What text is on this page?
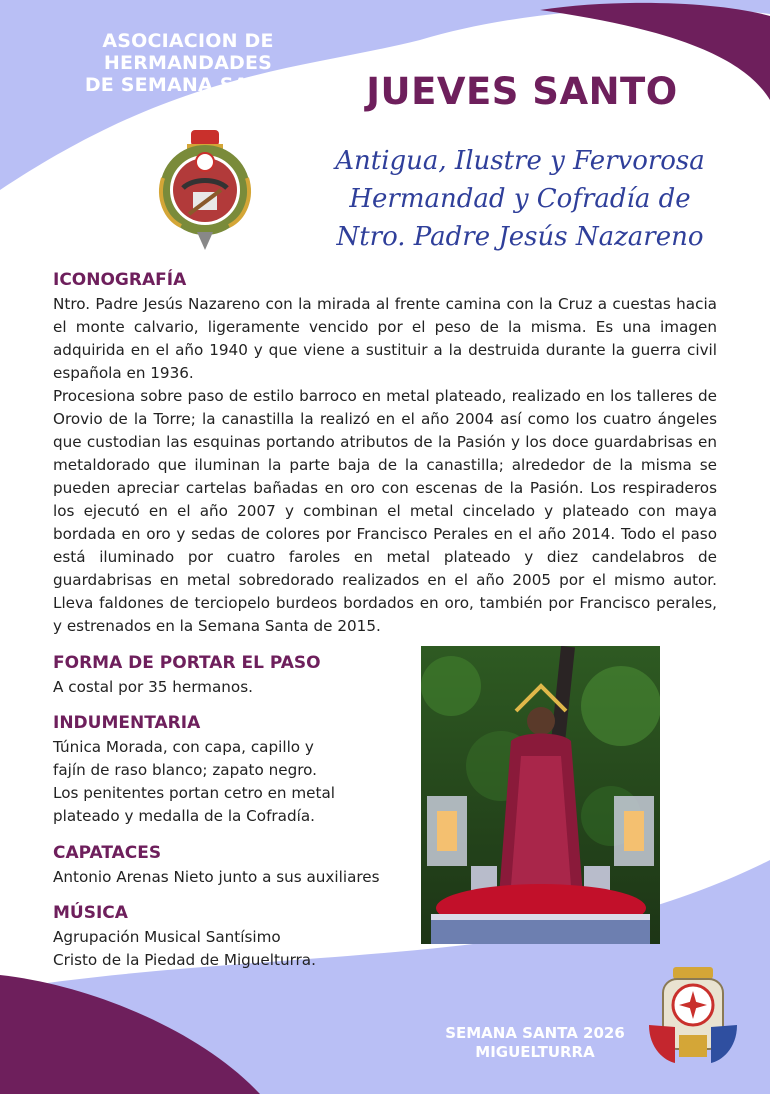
ASOCIACION DE HERMANDADES
DE SEMANA SANTA	JUEVES SANTO
Antigua, Ilustre y Fervorosa
Hermandad y Cofradía de
Ntro. Padre Jesús Nazareno
ICONOGRAFÍA
Ntro. Padre Jesús Nazareno con la mirada al frente camina con la Cruz a cuestas hacia el monte calvario, ligeramente vencido por el peso de la misma. Es una imagen adquirida en el año 1940 y que viene a sustituir a la destruida durante la guerra civil española en 1936.
Procesiona sobre paso de estilo barroco en metal plateado, realizado en los talleres de Orovio de la Torre; la canastilla la realizó en el año 2004 así como los cuatro ángeles que custodian las esquinas portando atributos de la Pasión y los doce guardabrisas en metaldorado que iluminan la parte baja de la canastilla; alrededor de la misma se pueden apreciar cartelas bañadas en oro con escenas de la Pasión. Los respiraderos los ejecutó en el año 2007 y combinan el metal cincelado y plateado con maya bordada en oro y sedas de colores por Francisco Perales en el año 2014. Todo el paso está iluminado por cuatro faroles en metal plateado y diez candelabros de guardabrisas en metal sobredorado realizados en el año 2005 por el mismo autor. Lleva faldones de terciopelo burdeos bordados en oro, también por Francisco perales, y estrenados en la Semana Santa de 2015.
FORMA DE PORTAR EL PASO
A costal por 35 hermanos.
INDUMENTARIA
Túnica Morada, con capa, capillo y
fajín de raso blanco; zapato negro.
Los penitentes portan cetro en metal
plateado y medalla de la Cofradía.
CAPATACES
Antonio Arenas Nieto junto a sus auxiliares
MÚSICA
Agrupación Musical Santísimo
Cristo de la Piedad de Miguelturra.
SEMANA SANTA 2026
MIGUELTURRA
